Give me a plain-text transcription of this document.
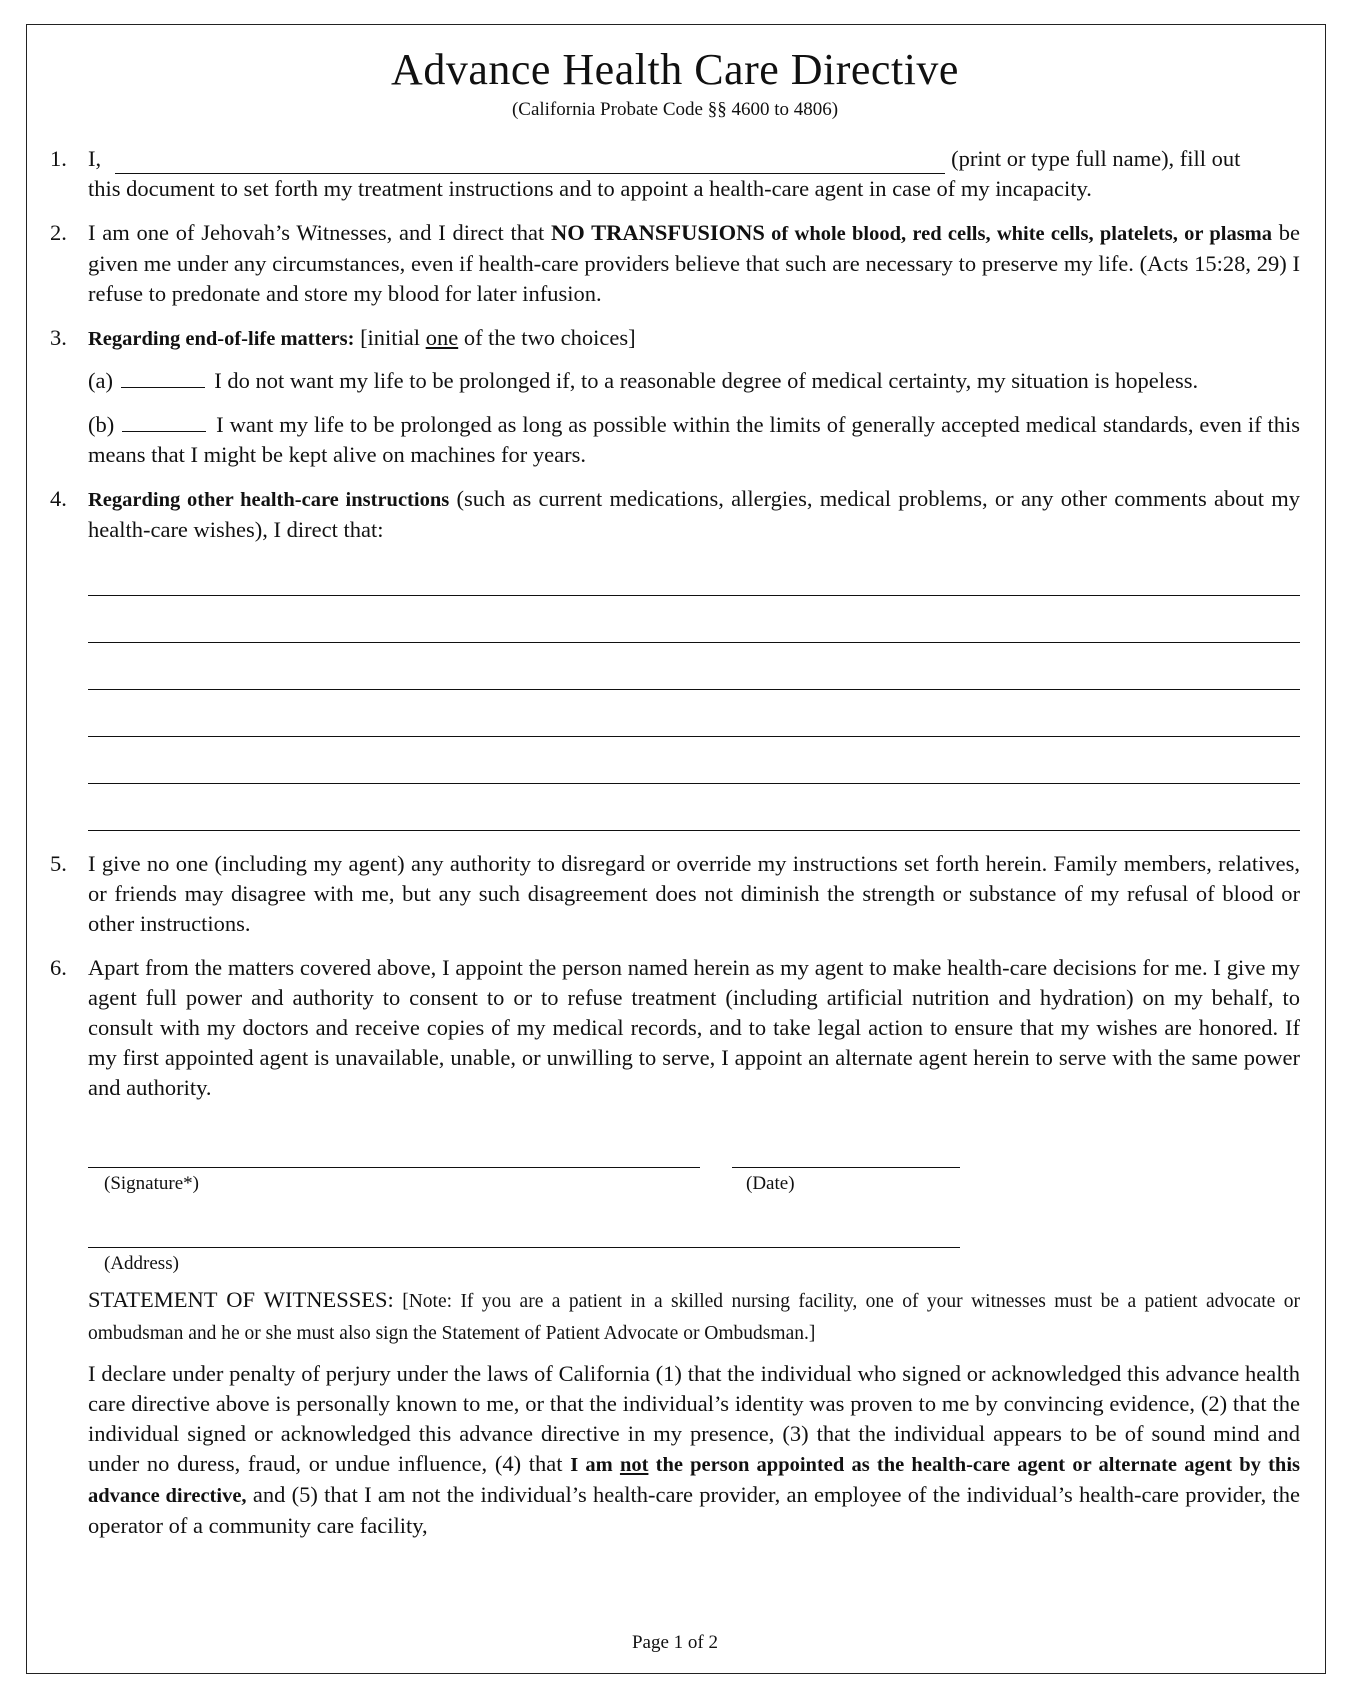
Advance Health Care Directive
(California Probate Code §§ 4600 to 4806)
1. I,	(print or type full name), fill out
this document to set forth my treatment instructions and to appoint a health-care agent in case of my incapacity.
2. I am one of Jehovah’s Witnesses, and I direct that NO TRANSFUSIONS of whole blood, red cells, white cells, platelets, or plasma be given me under any circumstances, even if health-care providers believe that such are necessary to preserve my life. (Acts 15:28, 29) I refuse to predonate and store my blood for later infusion.
3. Regarding end-of-life matters: [initial one of the two choices]
(a)	I do not want my life to be prolonged if, to a reasonable degree of medical certainty, my situation is hopeless.
(b)	I want my life to be prolonged as long as possible within the limits of generally accepted medical standards, even if this means that I might be kept alive on machines for years.
4. Regarding other health-care instructions (such as current medications, allergies, medical problems, or any other comments about my health-care wishes), I direct that:
5. I give no one (including my agent) any authority to disregard or override my instructions set forth herein. Family members, relatives, or friends may disagree with me, but any such disagreement does not diminish the strength or substance of my refusal of blood or other instructions.
6. Apart from the matters covered above, I appoint the person named herein as my agent to make health-care decisions for me. I give my agent full power and authority to consent to or to refuse treatment (including artificial nutrition and hydration) on my behalf, to consult with my doctors and receive copies of my medical records, and to take legal action to ensure that my wishes are honored. If my first appointed agent is unavailable, unable, or unwilling to serve, I appoint an alternate agent herein to serve with the same power and authority.
(Signature*)	(Date)
(Address)
STATEMENT OF WITNESSES: [Note: If you are a patient in a skilled nursing facility, one of your witnesses must be a patient advocate or ombudsman and he or she must also sign the Statement of Patient Advocate or Ombudsman.]
I declare under penalty of perjury under the laws of California (1) that the individual who signed or acknowledged this advance health care directive above is personally known to me, or that the individual’s identity was proven to me by convincing evidence, (2) that the individual signed or acknowledged this advance directive in my presence, (3) that the individual appears to be of sound mind and under no duress, fraud, or undue influence, (4) that I am not the person appointed as the health-care agent or alternate agent by this advance directive, and (5) that I am not the individual’s health-care provider, an employee of the individual’s health-care provider, the operator of a community care facility,
Page 1 of 2
